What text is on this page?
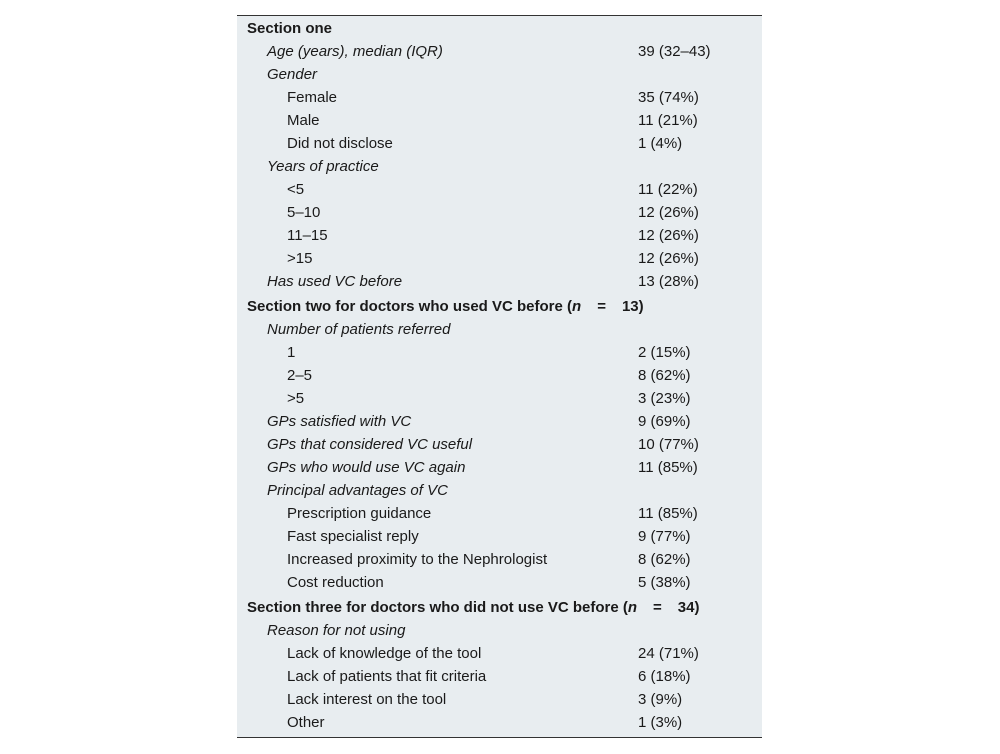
Section one
Age (years), median (IQR)	39 (32–43)
Gender
Female	35 (74%)
Male	11 (21%)
Did not disclose	1 (4%)
Years of practice
<5	11 (22%)
5–10	12 (26%)
11–15	12 (26%)
>15	12 (26%)
Has used VC before	13 (28%)
Section two for doctors who used VC before (n = 13)
Number of patients referred
1	2 (15%)
2–5	8 (62%)
>5	3 (23%)
GPs satisfied with VC	9 (69%)
GPs that considered VC useful	10 (77%)
GPs who would use VC again	11 (85%)
Principal advantages of VC
Prescription guidance	11 (85%)
Fast specialist reply	9 (77%)
Increased proximity to the Nephrologist	8 (62%)
Cost reduction	5 (38%)
Section three for doctors who did not use VC before (n = 34)
Reason for not using
Lack of knowledge of the tool	24 (71%)
Lack of patients that fit criteria	6 (18%)
Lack interest on the tool	3 (9%)
Other	1 (3%)
